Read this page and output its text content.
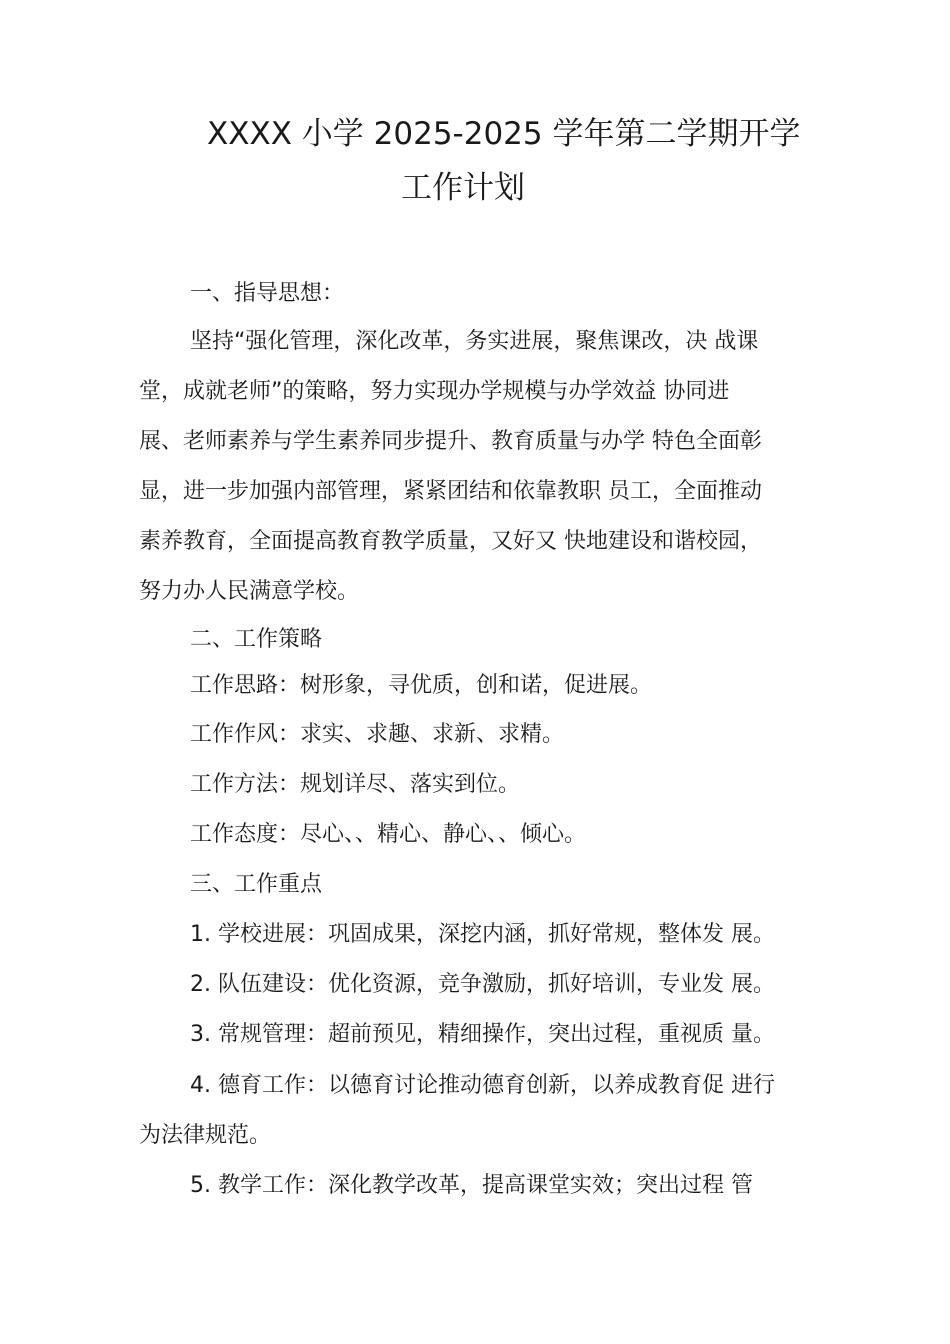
XXXX 小学 2025-2025 学年第二学期开学
工作计划
一、指导思想：
坚持“强化管理，深化改革，务实进展，聚焦课改，决 战课
堂，成就老师”的策略，努力实现办学规模与办学效益 协同进
展、老师素养与学生素养同步提升、教育质量与办学 特色全面彰
显，进一步加强内部管理，紧紧团结和依靠教职 员工，全面推动
素养教育，全面提高教育教学质量，又好又 快地建设和谐校园，
努力办人民满意学校。
二、工作策略
工作思路：树形象，寻优质，创和诺，促进展。
工作作风：求实、求趣、求新、求精。
工作方法：规划详尽、落实到位。
工作态度：尽心、、精心、静心、、倾心。
三、工作重点
1. 学校进展：巩固成果，深挖内涵，抓好常规，整体发 展。
2. 队伍建设：优化资源，竞争激励，抓好培训，专业发 展。
3. 常规管理：超前预见，精细操作，突出过程，重视质 量。
4. 德育工作：以德育讨论推动德育创新，以养成教育促 进行
为法律规范。
5. 教学工作：深化教学改革，提高课堂实效；突出过程 管
